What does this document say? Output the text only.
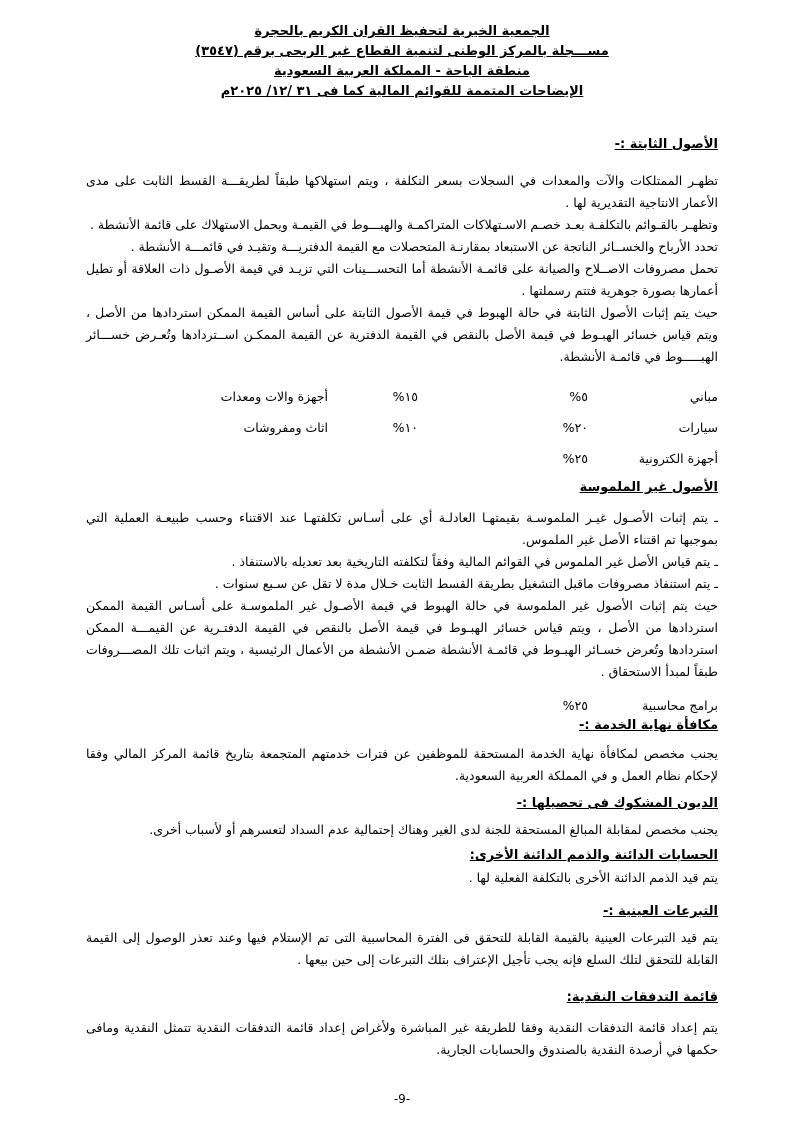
الجمعية الخيرية لتحفيظ القران الكريم بالحجرة
مســـجلة بالمركز الوطنى لتنمية القطاع غير الربحى برقم (٣٥٤٧)
منطقة الباحة - المملكة العربية السعودية
الإيضاحات المتممة للقوائم المالية كما فى ٣١ /١٢/ ٢٠٢٥م

الأصول الثابتة :-

تظهـر الممتلكات والآت والمعدات في السجلات بسعر التكلفة ، ويتم استهلاكها طبقاً لطريقـــة القسط الثابت على مدى الأعمار الانتاجية التقديرية لها .

وتظهـر بالقـوائم بالتكلفـة بعـد خصـم الاسـتهلاكات المتراكمـة والهبـــوط في القيمـة ويحمل الاستهلاك على قائمة الأنشطة .

تحدد الأرباح والخســائر الناتجة عن الاستبعاد بمقارنـة المتحصلات مع القيمة الدفتريـــة وتقيـد في قائمـــة الأنشطة .

تحمل مصروفات الاصــلاح والصيانة على قائمـة الأنشطة أما التحســـينات التي تزيـد في قيمة الأصـول ذات العلاقة أو تطيل أعمارها بصورة جوهرية فتتم رسملتها .

حيث يتم إثبات الأصول الثابتة في حالة الهبوط في قيمة الأصول الثابتة على أساس القيمة الممكن استردادها من الأصل ، ويتم قياس خسائر الهبـوط في قيمة الأصل بالنقص في القيمة الدفترية عن القيمة الممكـن اســتردادها وتُعـرض خســـائر الهبـــــوط في قائمـة الأنشطة.

مباني
٥%
١٥%
أجهزة والات ومعدات
سيارات
٢٠%
١٠%
اثاث ومفروشات
أجهزة الكترونية
٢٥%

الأصول غير الملموسة

ـ يتم إثبات الأصـول غيـر الملموسـة بقيمتهـا العادلـة أي على أسـاس تكلفتهـا عند الاقتناء وحسب طبيعـة العملية التي بموجبها تم اقتناء الأصل غير الملموس.

ـ يتم قياس الأصل غير الملموس في القوائم المالية وفقاً لتكلفته التاريخية بعد تعديله بالاستنفاذ .

ـ يتم استنفاذ مصروفات ماقبل التشغيل بطريقة القسط الثابت خـلال مدة لا تقل عن سـبع سنوات .

حيث يتم إثبات الأصول غير الملموسة في حالة الهبوط في قيمة الأصـول غير الملموسـة على أسـاس القيمة الممكن استردادها من الأصل ، ويتم قياس خسائر الهبـوط في قيمة الأصل بالنقص في القيمة الدفتـرية عن القيمـــة الممكن استردادها وتُعرض خسـائر الهبـوط في قائمـة الأنشطة ضمـن الأنشطة من الأعمال الرئيسية ، ويتم اثبات تلك المصـــروفات طبقاً لمبدأ الاستحقاق .

برامج محاسبية
٢٥%

مكافأة نهاية الخدمة :-

يجنب مخصص لمكافأة نهاية الخدمة المستحقة للموظفين عن فترات خدمتهم المتجمعة بتاريخ قائمة المركز المالي وفقا لإحكام نظام العمل و في المملكة العربية السعودية.

الديون المشكوك فى تحصيلها :-

يجنب مخصص لمقابلة المبالغ المستحقة للجنة لدى الغير وهناك إحتمالية عدم السداد لتعسرهم أو لأسباب أخرى.

الحسابات الدائنة والذمم الدائنة الأخرى:

يتم قيد الذمم الدائنة الأخرى بالتكلفة الفعلية لها .

التبرعات العينية :-

يتم قيد التبرعات العينية بالقيمة القابلة للتحقق فى الفترة المحاسبية التى تم الإستلام فيها وعند تعذر الوصول إلى القيمة القابلة للتحقق لتلك السلع فإنه يجب تأجيل الإعتراف بتلك التبرعات إلى حين بيعها .

قائمة التدفقات النقدية:

يتم إعداد قائمة التدفقات النقدية وفقا للطريقة غير المباشرة ولأغراض إعداد قائمة التدفقات النقدية تتمثل النقدية ومافى حكمها في أرصدة النقدية بالصندوق والحسابات الجارية.

-9-
